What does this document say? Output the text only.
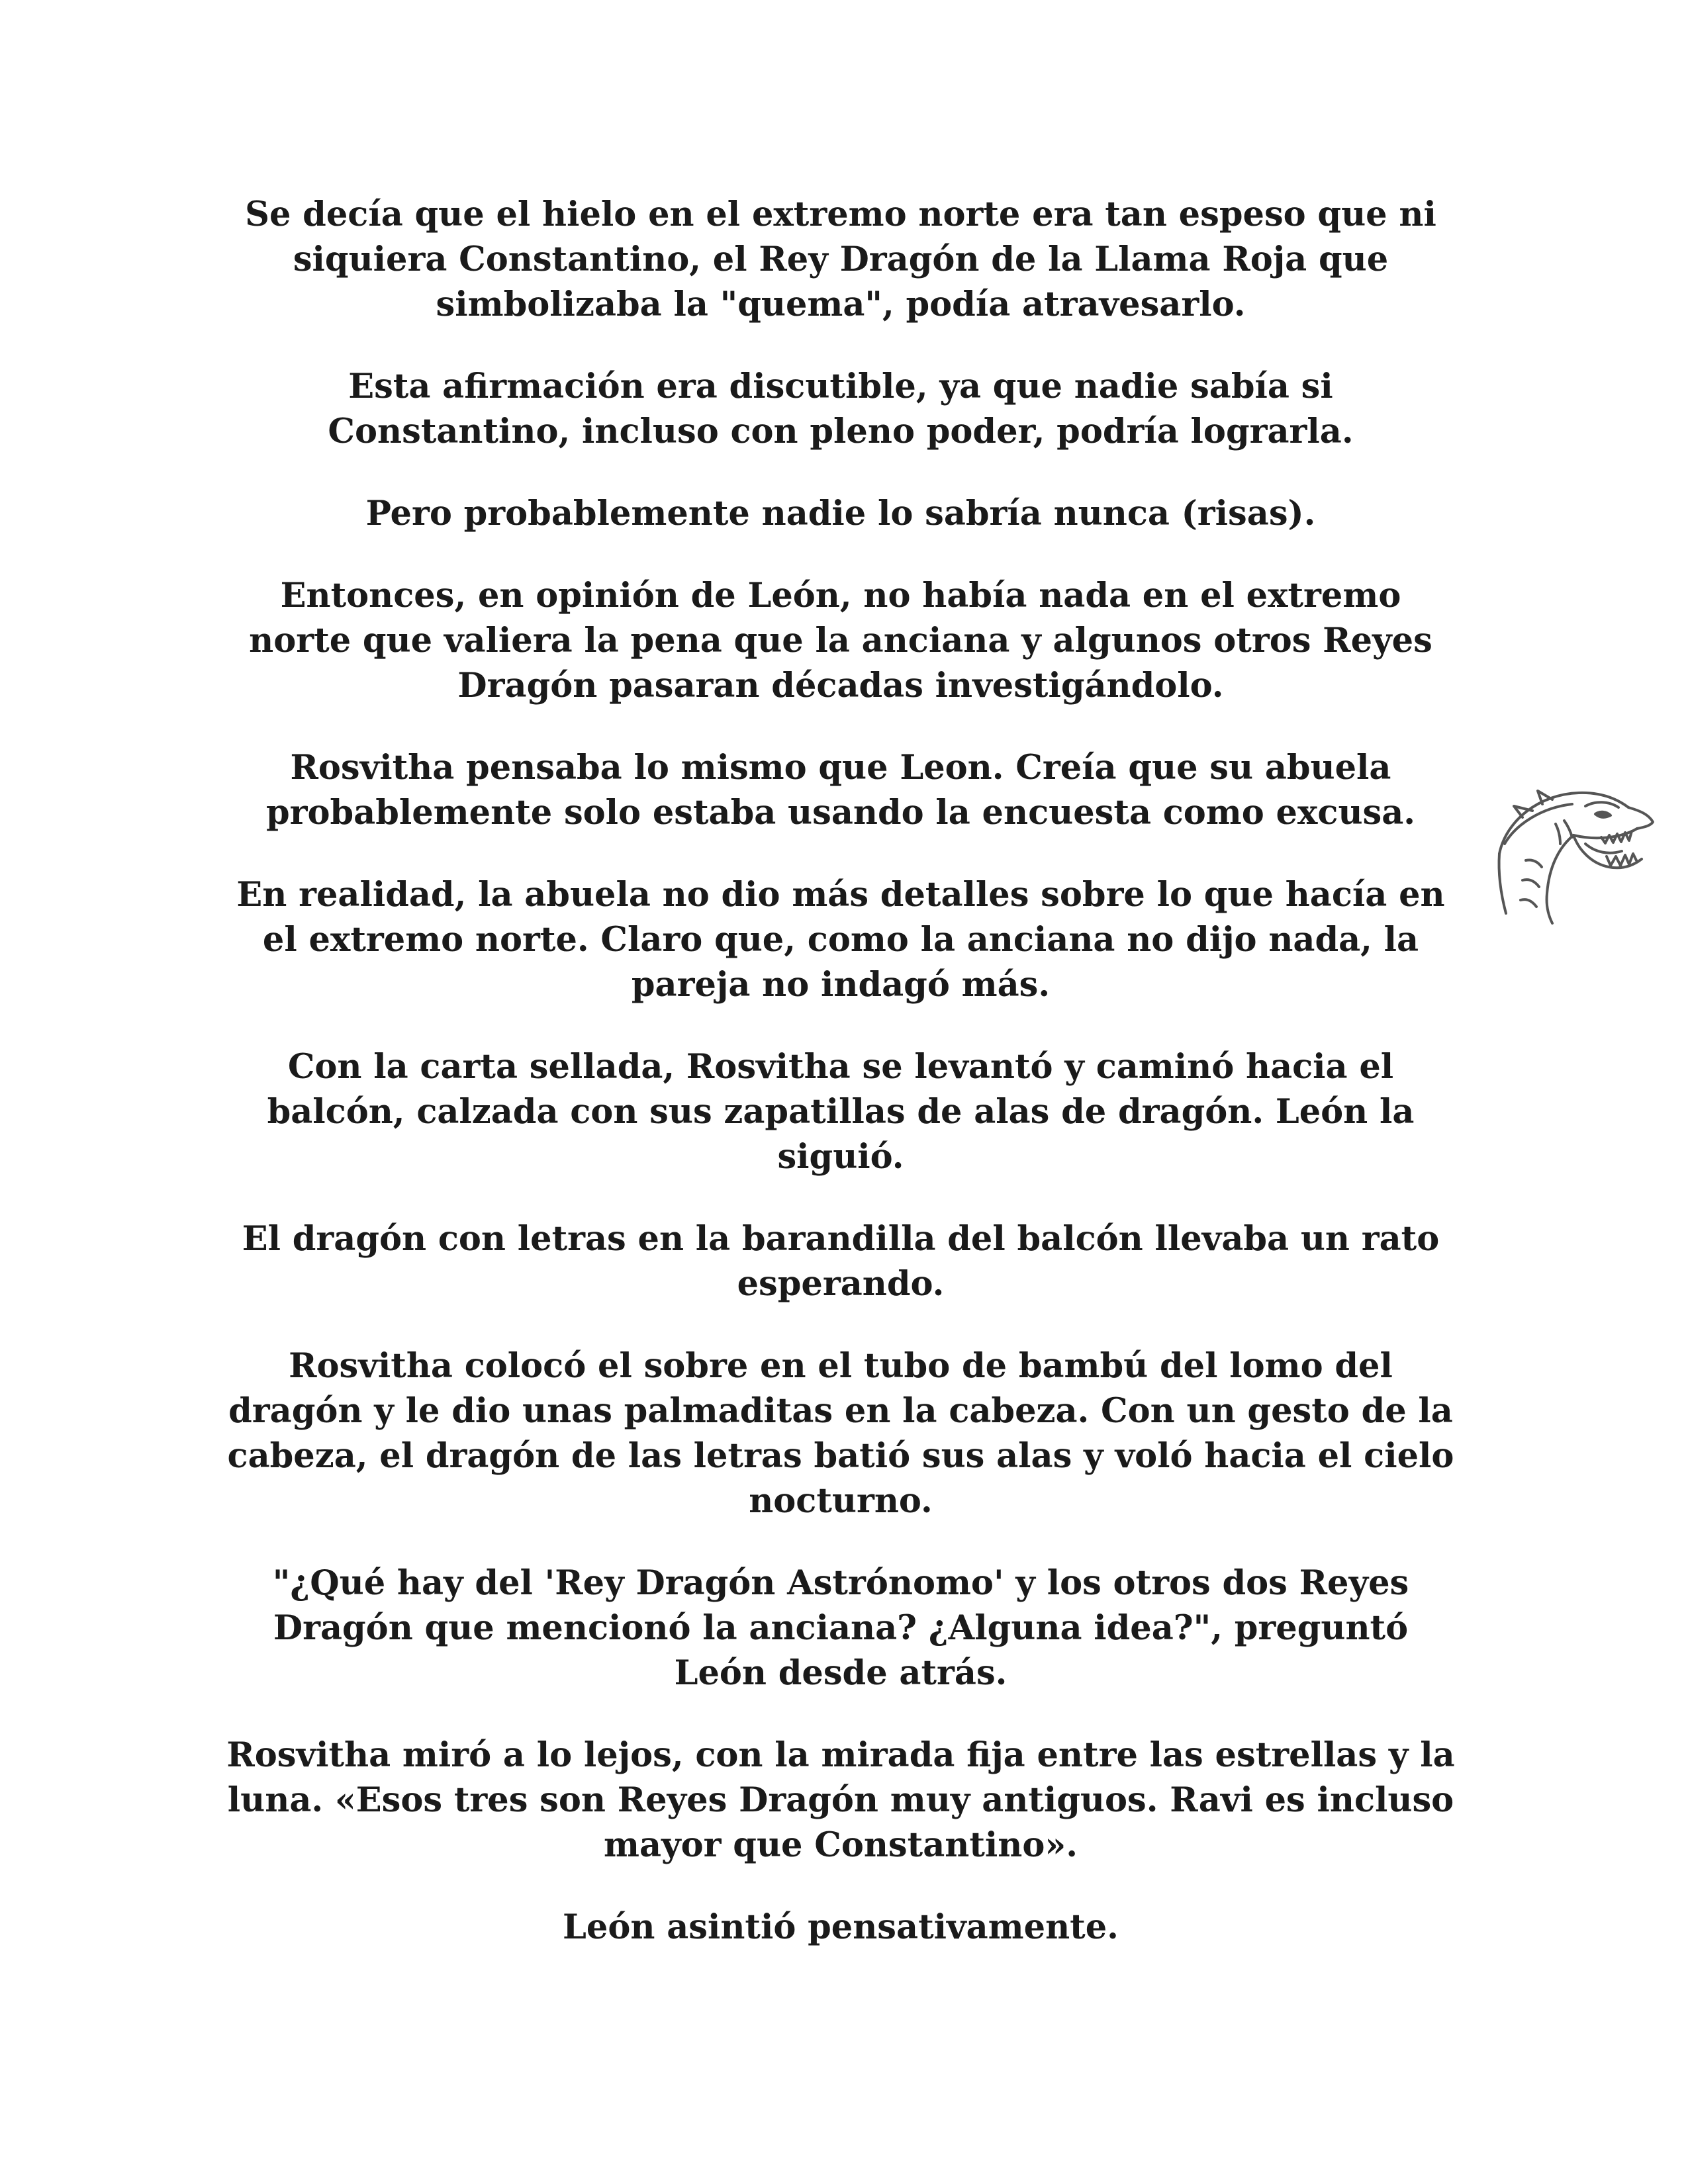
Se decía que el hielo en el extremo norte era tan espeso que ni siquiera Constantino, el Rey Dragón de la Llama Roja que simbolizaba la "quema", podía atravesarlo.

Esta afirmación era discutible, ya que nadie sabía si Constantino, incluso con pleno poder, podría lograrla.

Pero probablemente nadie lo sabría nunca (risas).

Entonces, en opinión de León, no había nada en el extremo norte que valiera la pena que la anciana y algunos otros Reyes Dragón pasaran décadas investigándolo.

Rosvitha pensaba lo mismo que Leon. Creía que su abuela probablemente solo estaba usando la encuesta como excusa.

En realidad, la abuela no dio más detalles sobre lo que hacía en el extremo norte. Claro que, como la anciana no dijo nada, la pareja no indagó más.

Con la carta sellada, Rosvitha se levantó y caminó hacia el balcón, calzada con sus zapatillas de alas de dragón. León la siguió.

El dragón con letras en la barandilla del balcón llevaba un rato esperando.

Rosvitha colocó el sobre en el tubo de bambú del lomo del dragón y le dio unas palmaditas en la cabeza. Con un gesto de la cabeza, el dragón de las letras batió sus alas y voló hacia el cielo nocturno.

"¿Qué hay del 'Rey Dragón Astrónomo' y los otros dos Reyes Dragón que mencionó la anciana? ¿Alguna idea?", preguntó León desde atrás.

Rosvitha miró a lo lejos, con la mirada fija entre las estrellas y la luna. «Esos tres son Reyes Dragón muy antiguos. Ravi es incluso mayor que Constantino».

León asintió pensativamente.
